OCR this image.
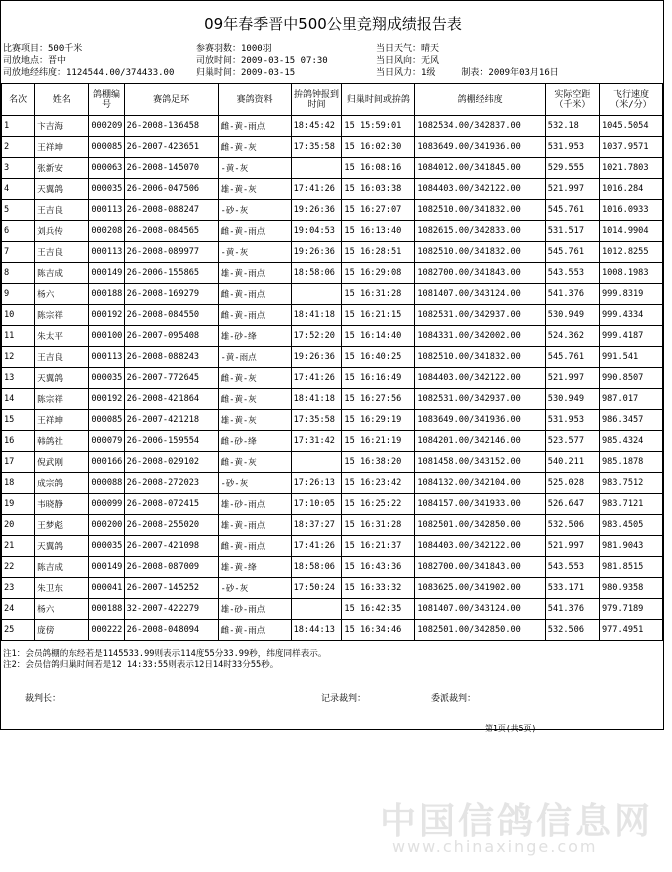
09年春季晋中500公里竞翔成绩报告表
比赛项目：500千米
司放地点：晋中
司放地经纬度：1124544.00/374433.00
参赛羽数：1000羽
司放时间：2009-03-15 07:30
归巢时间：2009-03-15
当日天气：晴天
当日风向：无风
当日风力：1级	制表：2009年03月16日
名次	姓名	鸽棚编号	赛鸽足环	赛鸽资料	拚鸽钟报到时间	归巢时间或拚鸽	鸽棚经纬度	实际空距（千米）	飞行速度（米/分）
1	卞吉海	000209	26-2008-136458	雌-黄-雨点	18:45:42	15 15:59:01	1082534.00/342837.00	532.18	1045.5054
2	王祥坤	000085	26-2007-423651	雌-黄-灰	17:35:58	15 16:02:30	1083649.00/341936.00	531.953	1037.9571
3	张新安	000063	26-2008-145070	-黄-灰		15 16:08:16	1084012.00/341845.00	529.555	1021.7803
4	天翼鸽	000035	26-2006-047506	雄-黄-灰	17:41:26	15 16:03:38	1084403.00/342122.00	521.997	1016.284
5	王吉良	000113	26-2008-088247	-砂-灰	19:26:36	15 16:27:07	1082510.00/341832.00	545.761	1016.0933
6	刘兵传	000208	26-2008-084565	雌-黄-雨点	19:04:53	15 16:13:40	1082615.00/342833.00	531.517	1014.9904
7	王吉良	000113	26-2008-089977	-黄-灰	19:26:36	15 16:28:51	1082510.00/341832.00	545.761	1012.8255
8	陈吉成	000149	26-2006-155865	雄-黄-雨点	18:58:06	15 16:29:08	1082700.00/341843.00	543.553	1008.1983
9	杨六	000188	26-2008-169279	雌-黄-雨点		15 16:31:28	1081407.00/343124.00	541.376	999.8319
10	陈宗祥	000192	26-2008-084550	雌-黄-雨点	18:41:18	15 16:21:15	1082531.00/342937.00	530.949	999.4334
11	朱太平	000100	26-2007-095408	雄-砂-绛	17:52:20	15 16:14:40	1084331.00/342002.00	524.362	999.4187
12	王吉良	000113	26-2008-088243	-黄-雨点	19:26:36	15 16:40:25	1082510.00/341832.00	545.761	991.541
13	天翼鸽	000035	26-2007-772645	雌-黄-灰	17:41:26	15 16:16:49	1084403.00/342122.00	521.997	990.8507
14	陈宗祥	000192	26-2008-421864	雌-黄-灰	18:41:18	15 16:27:56	1082531.00/342937.00	530.949	987.017
15	王祥坤	000085	26-2007-421218	雄-黄-灰	17:35:58	15 16:29:19	1083649.00/341936.00	531.953	986.3457
16	韩鸽社	000079	26-2006-159554	雌-砂-绛	17:31:42	15 16:21:19	1084201.00/342146.00	523.577	985.4324
17	倪武刚	000166	26-2008-029102	雌-黄-灰		15 16:38:20	1081458.00/343152.00	540.211	985.1878
18	成宗鸽	000088	26-2008-272023	-砂-灰	17:26:13	15 16:23:42	1084132.00/342104.00	525.028	983.7512
19	韦晓静	000099	26-2008-072415	雄-砂-雨点	17:10:05	15 16:25:22	1084157.00/341933.00	526.647	983.7121
20	王梦彪	000200	26-2008-255020	雄-黄-雨点	18:37:27	15 16:31:28	1082501.00/342850.00	532.506	983.4505
21	天翼鸽	000035	26-2007-421098	雌-黄-雨点	17:41:26	15 16:21:37	1084403.00/342122.00	521.997	981.9043
22	陈吉成	000149	26-2008-087009	雄-黄-绛	18:58:06	15 16:43:36	1082700.00/341843.00	543.553	981.8515
23	朱卫东	000041	26-2007-145252	-砂-灰	17:50:24	15 16:33:32	1083625.00/341902.00	533.171	980.9358
24	杨六	000188	32-2007-422279	雄-砂-雨点		15 16:42:35	1081407.00/343124.00	541.376	979.7189
25	庞傍	000222	26-2008-048094	雌-黄-雨点	18:44:13	15 16:34:46	1082501.00/342850.00	532.506	977.4951
注1：会员鸽棚的东经若是1145533.99则表示114度55分33.99秒，纬度同样表示。
注2：会员信鸽归巢时间若是12 14:33:55则表示12日14时33分55秒。
裁判长：	记录裁判：	委派裁判：
第1页(共5页)
中国信鸽信息网
www.chinaxinge.com
